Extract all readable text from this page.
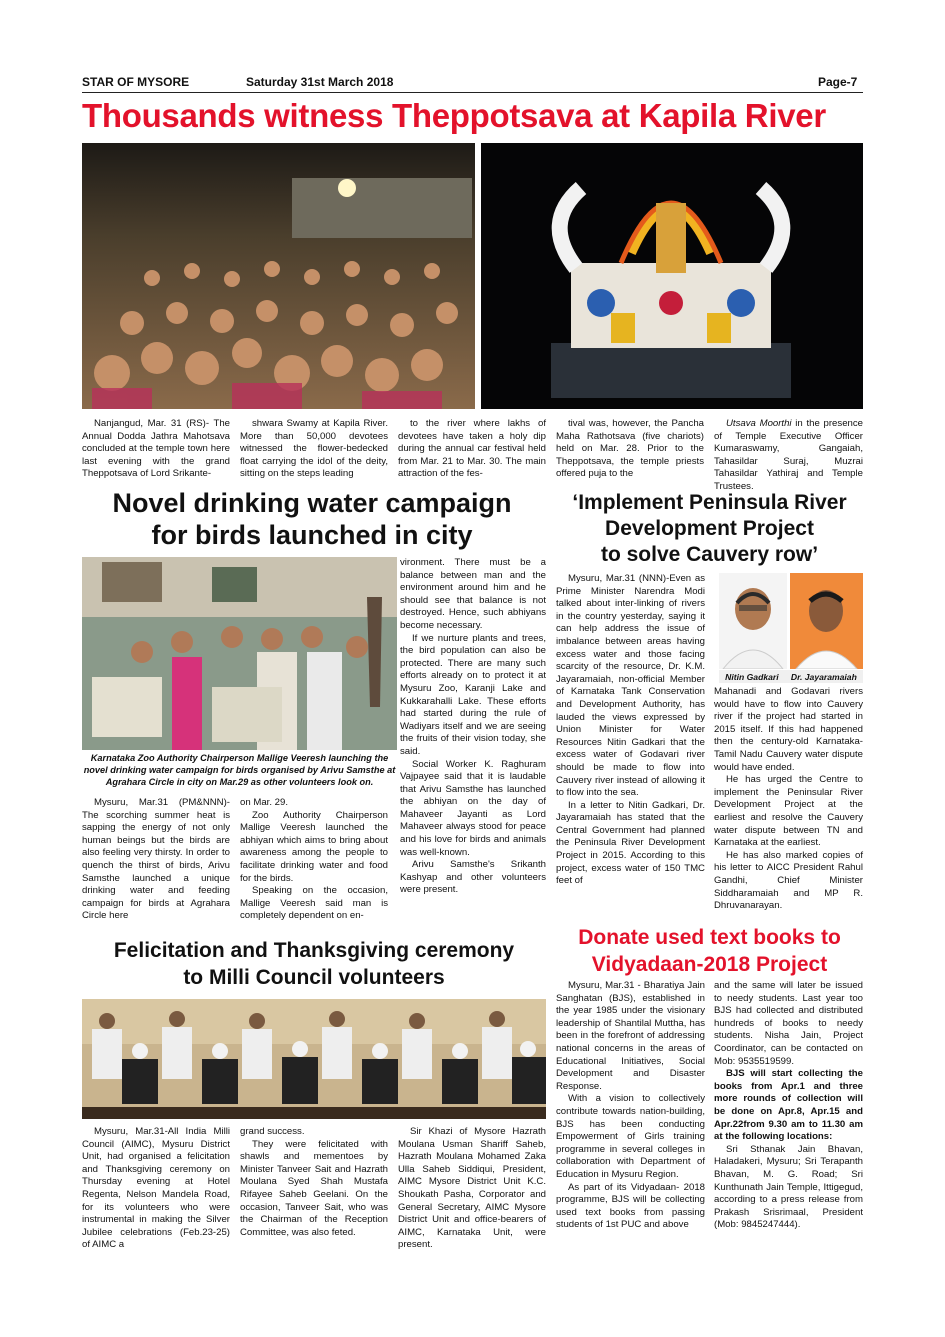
STAR OF MYSORE	Saturday 31st March 2018	Page-7
Thousands witness Theppotsava at Kapila River

Nanjangud, Mar. 31 (RS)- The Annual Dodda Jathra Mahotsava concluded at the temple town here last evening with the grand Theppotsava of Lord Srikante-

shwara Swamy at Kapila River. More than 50,000 devotees witnessed the flower-bedecked float carrying the idol of the deity, sitting on the steps leading

to the river where lakhs of devotees have taken a holy dip during the annual car festival held from Mar. 21 to Mar. 30. The main attraction of the fes-

tival was, however, the Pancha Maha Rathotsava (five chariots) held on Mar. 28. Prior to the Theppotsava, the temple priests offered puja to the

Utsava Moorthi in the presence of Temple Executive Officer Kumaraswamy, Gangaiah, Tahasildar Suraj, Muzrai Tahasildar Yathiraj and Temple Trustees.

Novel drinking water campaign
for birds launched in city
Karnataka Zoo Authority Chairperson Mallige Veeresh launching the novel drinking water campaign for birds organised by Arivu Samsthe at Agrahara Circle in city on Mar.29 as other volunteers look on.

Mysuru, Mar.31 (PM&NNN)- The scorching summer heat is sapping the energy of not only human beings but the birds are also feeling very thirsty. In order to quench the thirst of birds, Arivu Samsthe launched a unique drinking water and feeding campaign for birds at Agrahara Circle here

on Mar. 29.

Zoo Authority Chairperson Mallige Veeresh launched the abhiyan which aims to bring about awareness among the people to facilitate drinking water and food for the birds.

Speaking on the occasion, Mallige Veeresh said man is completely dependent on en-

vironment. There must be a balance between man and the environment around him and he should see that balance is not destroyed. Hence, such abhiyans become necessary.

If we nurture plants and trees, the bird population can also be protected. There are many such efforts already on to protect it at Mysuru Zoo, Karanji Lake and Kukkarahalli Lake. These efforts had started during the rule of Wadiyars itself and we are seeing the fruits of their vision today, she said.

Social Worker K. Raghuram Vajpayee said that it is laudable that Arivu Samsthe has launched the abhiyan on the day of Mahaveer Jayanti as Lord Mahaveer always stood for peace and his love for birds and animals was well-known.

Arivu Samsthe's Srikanth Kashyap and other volunteers were present.

‘Implement Peninsula River
Development Project
to solve Cauvery row’
Nitin Gadkari Dr. Jayaramaiah

Mysuru, Mar.31 (NNN)-Even as Prime Minister Narendra Modi talked about inter-linking of rivers in the country yesterday, saying it can help address the issue of imbalance between areas having excess water and those facing scarcity of the resource, Dr. K.M. Jayaramaiah, non-official Member of Karnataka Tank Conservation and Development Authority, has lauded the views expressed by Union Minister for Water Resources Nitin Gadkari that the excess water of Godavari river should be made to flow into Cauvery river instead of allowing it to flow into the sea.

In a letter to Nitin Gadkari, Dr. Jayaramaiah has stated that the Central Government had planned the Peninsula River Development Project in 2015. According to this project, excess water of 150 TMC feet of

Mahanadi and Godavari rivers would have to flow into Cauvery river if the project had started in 2015 itself. If this had happened then the century-old Karnataka-Tamil Nadu Cauvery water dispute would have ended.

He has urged the Centre to implement the Peninsular River Development Project at the earliest and resolve the Cauvery water dispute between TN and Karnataka at the earliest.

He has also marked copies of his letter to AICC President Rahul Gandhi, Chief Minister Siddharamaiah and MP R. Dhruvanarayan.

Felicitation and Thanksgiving ceremony
to Milli Council volunteers

Mysuru, Mar.31-All India Milli Council (AIMC), Mysuru District Unit, had organised a felicitation and Thanksgiving ceremony on Thursday evening at Hotel Regenta, Nelson Mandela Road, for its volunteers who were instrumental in making the Silver Jubilee celebrations (Feb.23-25) of AIMC a

grand success.

They were felicitated with shawls and mementoes by Minister Tanveer Sait and Hazrath Moulana Syed Shah Mustafa Rifayee Saheb Geelani. On the occasion, Tanveer Sait, who was the Chairman of the Reception Committee, was also feted.

Sir Khazi of Mysore Hazrath Moulana Usman Shariff Saheb, Hazrath Moulana Mohamed Zaka Ulla Saheb Siddiqui, President, AIMC Mysore District Unit K.C. Shoukath Pasha, Corporator and General Secretary, AIMC Mysore District Unit and office-bearers of AIMC, Karnataka Unit, were present.

Donate used text books to
Vidyadaan-2018 Project

Mysuru, Mar.31 - Bharatiya Jain Sanghatan (BJS), established in the year 1985 under the visionary leadership of Shantilal Muttha, has been in the forefront of addressing national concerns in the areas of Educational Initiatives, Social Development and Disaster Response.

With a vision to collectively contribute towards nation-building, BJS has been conducting Empowerment of Girls training programme in several colleges in collaboration with Department of Education in Mysuru Region.

As part of its Vidyadaan- 2018 programme, BJS will be collecting used text books from passing students of 1st PUC and above

and the same will later be issued to needy students. Last year too BJS had collected and distributed hundreds of books to needy students. Nisha Jain, Project Coordinator, can be contacted on Mob: 9535519599.

BJS will start collecting the books from Apr.1 and three more rounds of collection will be done on Apr.8, Apr.15 and Apr.22from 9.30 am to 11.30 am at the following locations:

Sri Sthanak Jain Bhavan, Haladakeri, Mysuru; Sri Terapanth Bhavan, M. G. Road; Sri Kunthunath Jain Temple, Ittigegud, according to a press release from Prakash Srisrimaal, President (Mob: 9845247444).
